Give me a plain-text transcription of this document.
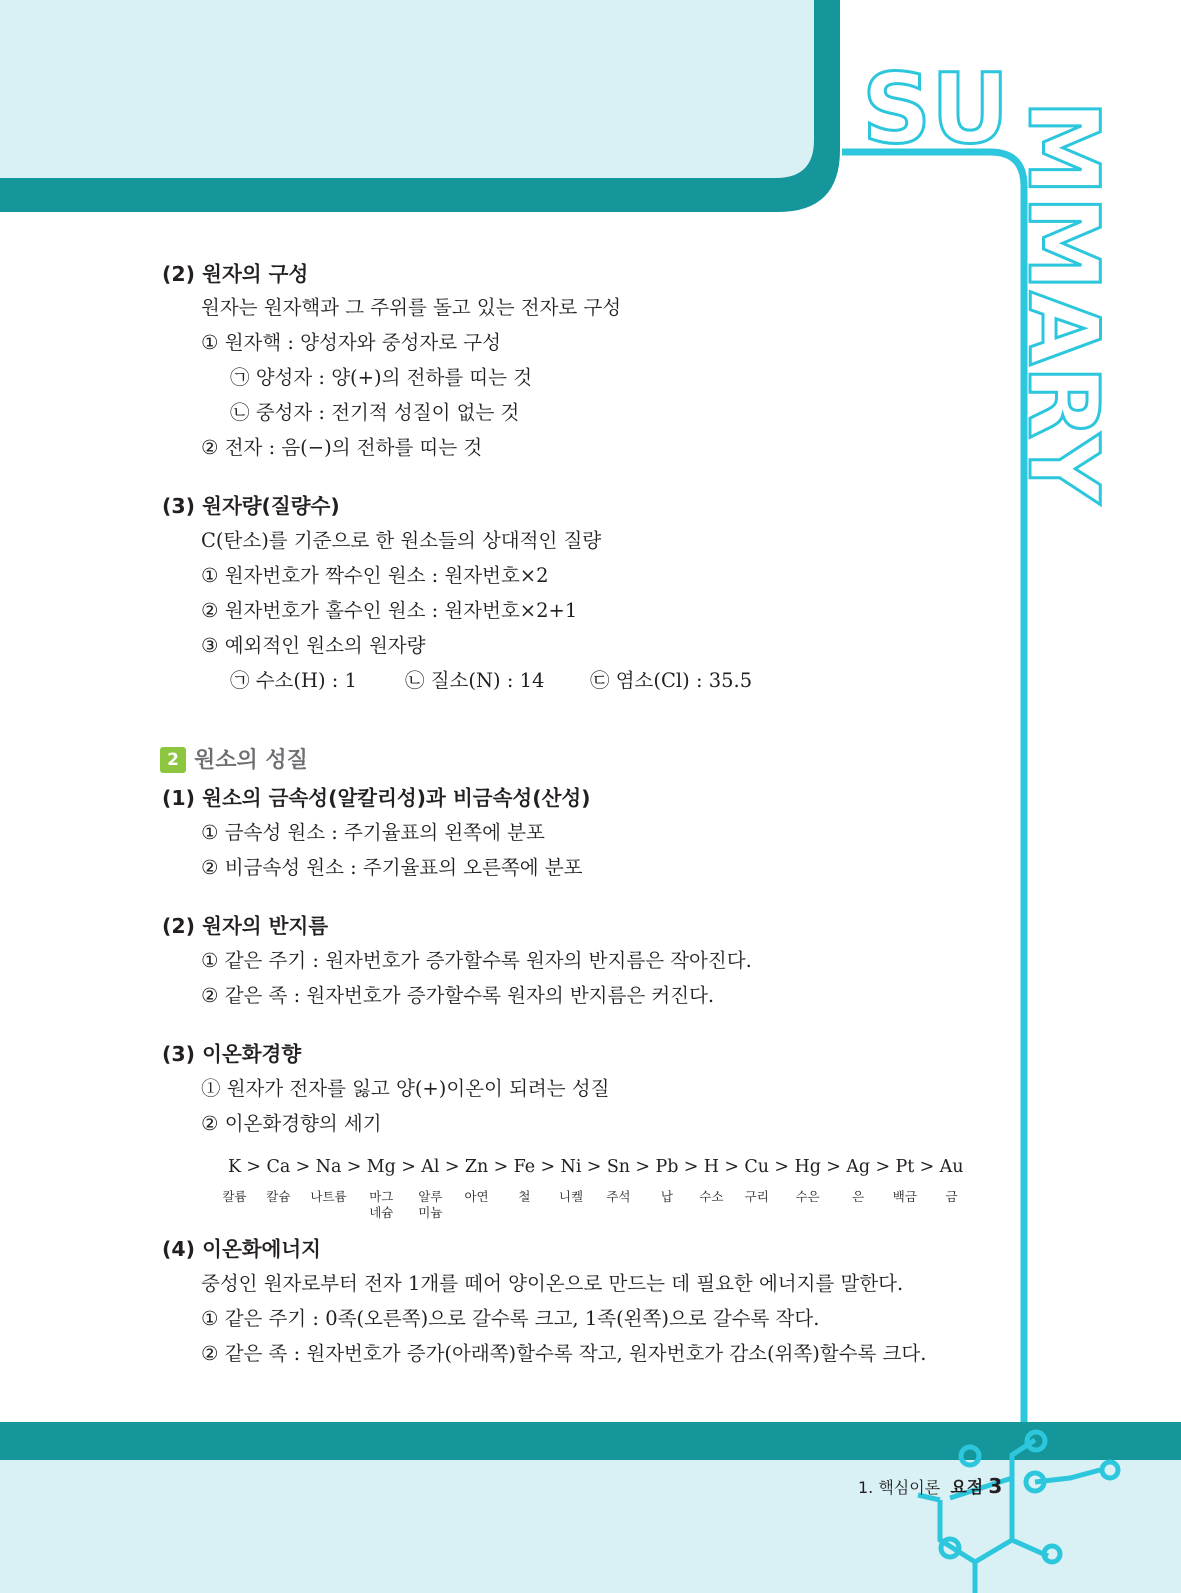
SU
MMARY
(2) 원자의 구성
원자는 원자핵과 그 주위를 돌고 있는 전자로 구성
① 원자핵 : 양성자와 중성자로 구성
㉠ 양성자 : 양(+)의 전하를 띠는 것
㉡ 중성자 : 전기적 성질이 없는 것
② 전자 : 음(−)의 전하를 띠는 것
(3) 원자량(질량수)
C(탄소)를 기준으로 한 원소들의 상대적인 질량
① 원자번호가 짝수인 원소 : 원자번호×2
② 원자번호가 홀수인 원소 : 원자번호×2+1
③ 예외적인 원소의 원자량
㉠ 수소(H) : 1 ㉡ 질소(N) : 14 ㉢ 염소(Cl) : 35.5
2 원소의 성질
(1) 원소의 금속성(알칼리성)과 비금속성(산성)
① 금속성 원소 : 주기율표의 왼쪽에 분포
② 비금속성 원소 : 주기율표의 오른쪽에 분포
(2) 원자의 반지름
① 같은 주기 : 원자번호가 증가할수록 원자의 반지름은 작아진다.
② 같은 족 : 원자번호가 증가할수록 원자의 반지름은 커진다.
(3) 이온화경향
① 원자가 전자를 잃고 양(+)이온이 되려는 성질
② 이온화경향의 세기
K > Ca > Na > Mg > Al > Zn > Fe > Ni > Sn > Pb > H > Cu > Hg > Ag > Pt > Au
칼륨	칼슘	나트륨	마그
네슘
알루
미늄
아연	철	니켈	주석	납	수소	구리	수은	은	백금	금
(4) 이온화에너지
중성인 원자로부터 전자 1개를 떼어 양이온으로 만드는 데 필요한 에너지를 말한다.
① 같은 주기 : 0족(오른쪽)으로 갈수록 크고, 1족(왼쪽)으로 갈수록 작다.
② 같은 족 : 원자번호가 증가(아래쪽)할수록 작고, 원자번호가 감소(위쪽)할수록 크다.
1. 핵심이론 요점 3
